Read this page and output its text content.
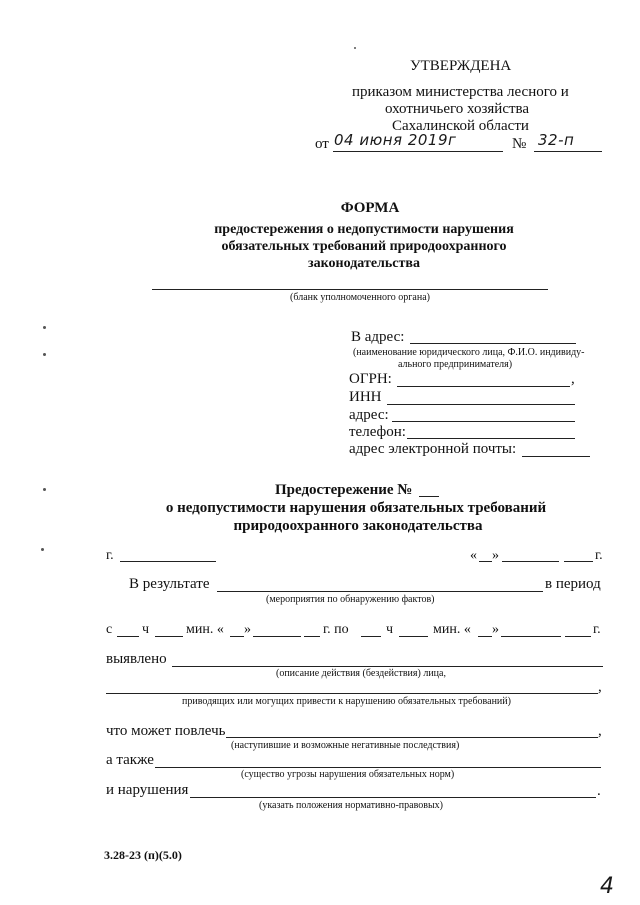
УТВЕРЖДЕНА
приказом министерства лесного и
охотничьего хозяйства
Сахалинской области
от 04 июня 2019г	№ 32-п
ФОРМА
предостережения о недопустимости нарушения
обязательных требований природоохранного
законодательства
(бланк уполномоченного органа)
В адрес:
(наименование юридического лица, Ф.И.О. индивиду-
ального предпринимателя)
ОГРН:	,
ИНН
адрес:
телефон:
адрес электронной почты:
Предостережение №
о недопустимости нарушения обязательных требований
природоохранного законодательства
г.	« »	г.
В результате	в период
(мероприятия по обнаружению фактов)
с ч	мин. « »	г. по	ч	мин. « »	г.
выявлено
(описание действия (бездействия) лица,
,
приводящих или могущих привести к нарушению обязательных требований)
что может повлечь	,
(наступившие и возможные негативные последствия)
а также
(существо угрозы нарушения обязательных норм)
и нарушения	.
(указать положения нормативно-правовых)
3.28-23 (п)(5.0)
4
